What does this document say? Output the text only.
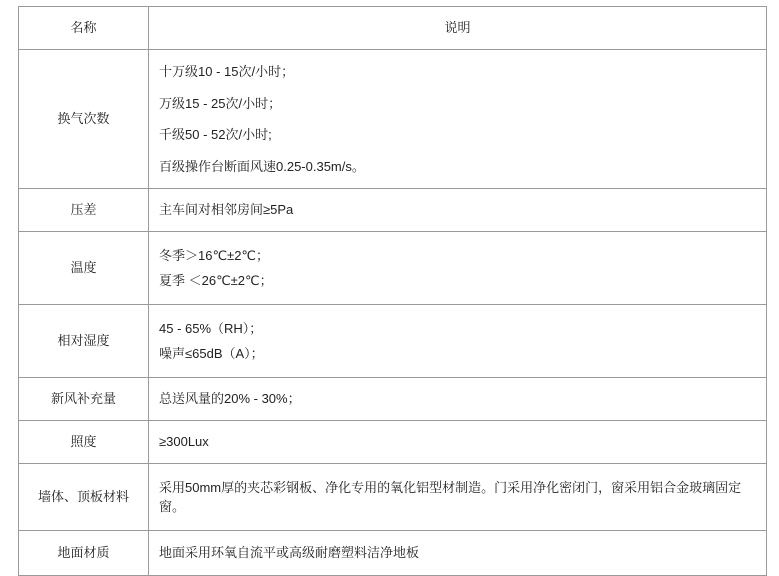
名称	说明
换气次数	十万级10 - 15次/小时；
万级15 - 25次/小时；
千级50 - 52次/小时;
百级操作台断面风速0.25-0.35m/s。

压差	主车间对相邻房间≥5Pa

温度	冬季＞16℃±2℃；
夏季 ＜26℃±2℃；

相对湿度	45 - 65%（RH）；
噪声≤65dB（A）；

新风补充量	总送风量的20% - 30%；

照度	≥300Lux

墙体、顶板材料	采用50mm厚的夹芯彩钢板、净化专用的氧化铝型材制造。门采用净化密闭门，窗采用铝合金玻璃固定窗。

地面材质	地面采用环氧自流平或高级耐磨塑料洁净地板
